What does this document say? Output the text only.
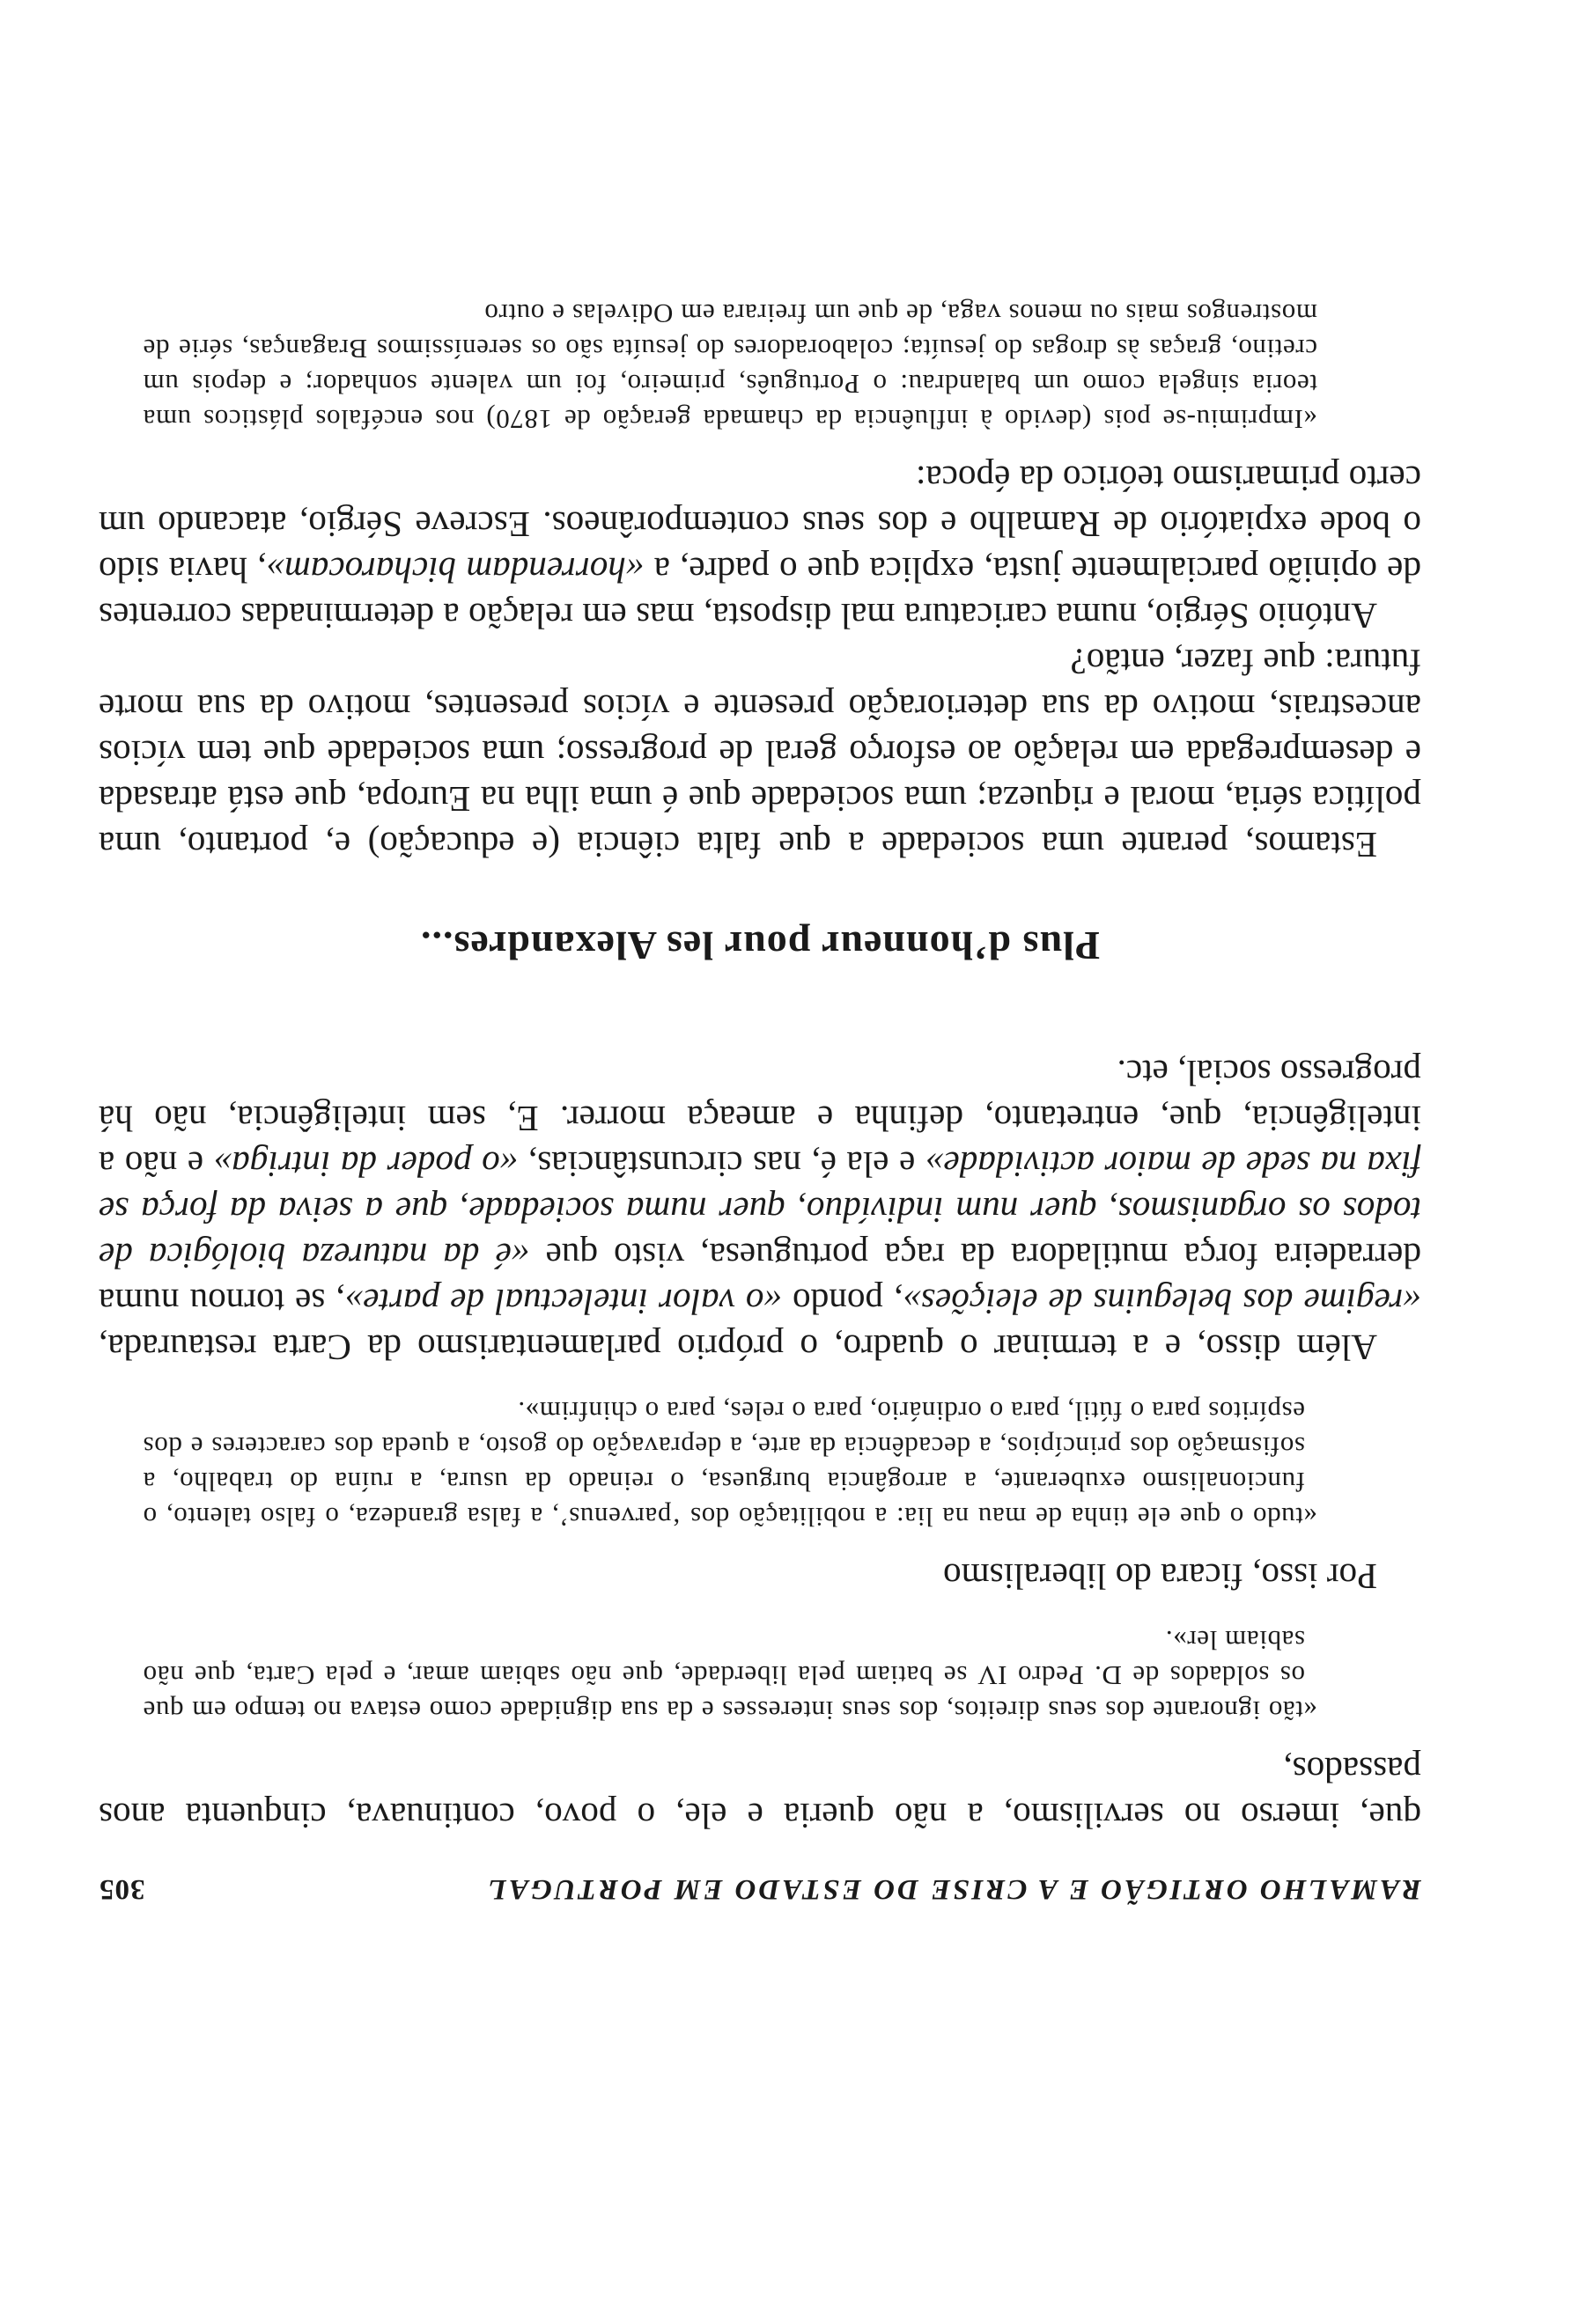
RAMALHO ORTIGÃO E A CRISE DO ESTADO EM PORTUGAL
305

que, imerso no servilismo, a não queria e ele, o povo, continuava, cinquenta anos passados,

«tão ignorante dos seus direitos, dos seus interesses e da sua dignidade como estava no tempo em que os soldados de D. Pedro IV se batiam pela liberdade, que não sabiam amar, e pela Carta, que não sabiam ler».

Por isso, ficara do liberalismo

«tudo o que ele tinha de mau na lia: a nobilitação dos ‘parvenus’, a falsa grandeza, o falso talento, o funcionalismo exuberante, a arrogância burguesa, o reinado da usura, a ruína do trabalho, a sofismação dos princípios, a decadência da arte, a depravação do gosto, a queda dos caracteres e dos espíritos para o fútil, para o ordinário, para o reles, para o chinfrim».

Além disso, e a terminar o quadro, o próprio parlamentarismo da Carta restaurada, «regime dos beleguins de eleições», pondo «o valor intelectual de parte», se tornou numa derradeira força mutiladora da raça portuguesa, visto que «é da natureza biológica de todos os organismos, quer num indivíduo, quer numa sociedade, que a seiva da força se fixa na sede de maior actividade» e ela é, nas circunstâncias, «o poder da intriga» e não a inteligência, que, entretanto, definha e ameaça morrer. E, sem inteligência, não há progresso social, etc.

Plus d’honneur pour les Alexandres...

Estamos, perante uma sociedade a que falta ciência (e educação) e, portanto, uma política séria, moral e riqueza; uma sociedade que é uma ilha na Europa, que está atrasada e desempregada em relação ao esforço geral de progresso; uma sociedade que tem vícios ancestrais, motivo da sua deterioração presente e vícios presentes, motivo da sua morte futura: que fazer, então?

António Sérgio, numa caricatura mal disposta, mas em relação a determinadas correntes de opinião parcialmente justa, explica que o padre, a «horrendam bicharocam», havia sido o bode expiatório de Ramalho e dos seus contemporâneos. Escreve Sérgio, atacando um certo primarismo teórico da época:

«Imprimiu-se pois (devido à influência da chamada geração de 1870) nos encéfalos plásticos uma teoria singela como um balandrau: o Português, primeiro, foi um valente sonhador; e depois um cretino, graças às drogas do jesuíta; colaboradores do jesuíta são os sereníssimos Braganças, série de mostrengos mais ou menos vaga, de que um freirara em Odivelas e outro
